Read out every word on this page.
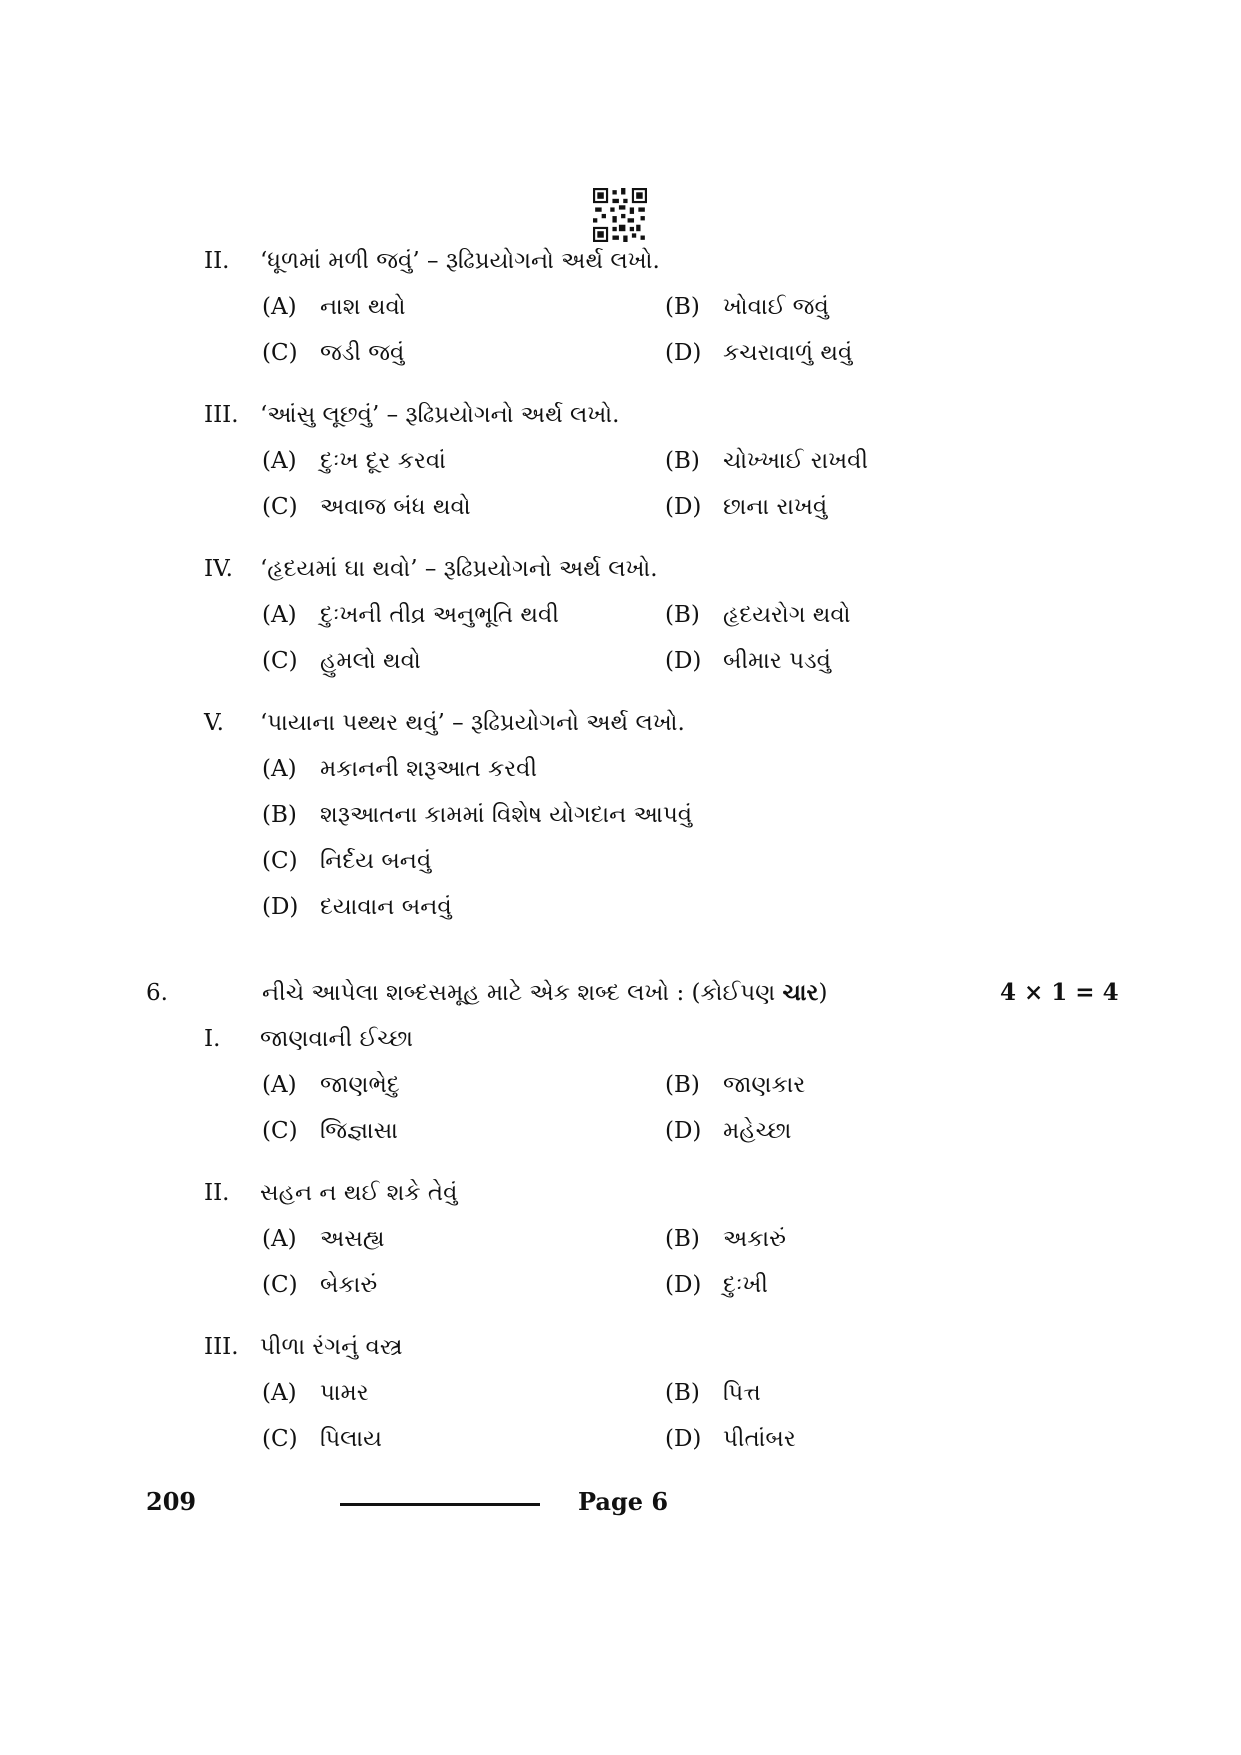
II. ‘ધૂળમાં મળી જવું’ – રૂઢિપ્રયોગનો અર્થ લખો.
(A) નાશ થવો	(B) ખોવાઈ જવું
(C) જડી જવું	(D) કચરાવાળું થવું
III. ‘આંસુ લૂછવું’ – રૂઢિપ્રયોગનો અર્થ લખો.
(A) દુઃખ દૂર કરવાં	(B) ચોખ્ખાઈ રાખવી
(C) અવાજ બંધ થવો	(D) છાના રાખવું
IV. ‘હૃદયમાં ઘા થવો’ – રૂઢિપ્રયોગનો અર્થ લખો.
(A) દુઃખની તીવ્ર અનુભૂતિ થવી	(B) હૃદયરોગ થવો
(C) હુમલો થવો	(D) બીમાર પડવું
V. ‘પાયાના પથ્થર થવું’ – રૂઢિપ્રયોગનો અર્થ લખો.
(A) મકાનની શરૂઆત કરવી
(B) શરૂઆતના કામમાં વિશેષ યોગદાન આપવું
(C) નિર્દય બનવું
(D) દયાવાન બનવું
6.	નીચે આપેલા શબ્દસમૂહ માટે એક શબ્દ લખો : (કોઈપણ ચાર)	4 × 1 = 4
I. જાણવાની ઈચ્છા
(A) જાણભેદુ	(B) જાણકાર
(C) જિજ્ઞાસા	(D) મહેચ્છા
II. સહન ન થઈ શકે તેવું
(A) અસહ્ય	(B) અકારું
(C) બેકારું	(D) દુઃખી
III. પીળા રંગનું વસ્ત્ર
(A) પામર	(B) પિત્ત
(C) પિલાય	(D) પીતાંબર
209	Page 6
